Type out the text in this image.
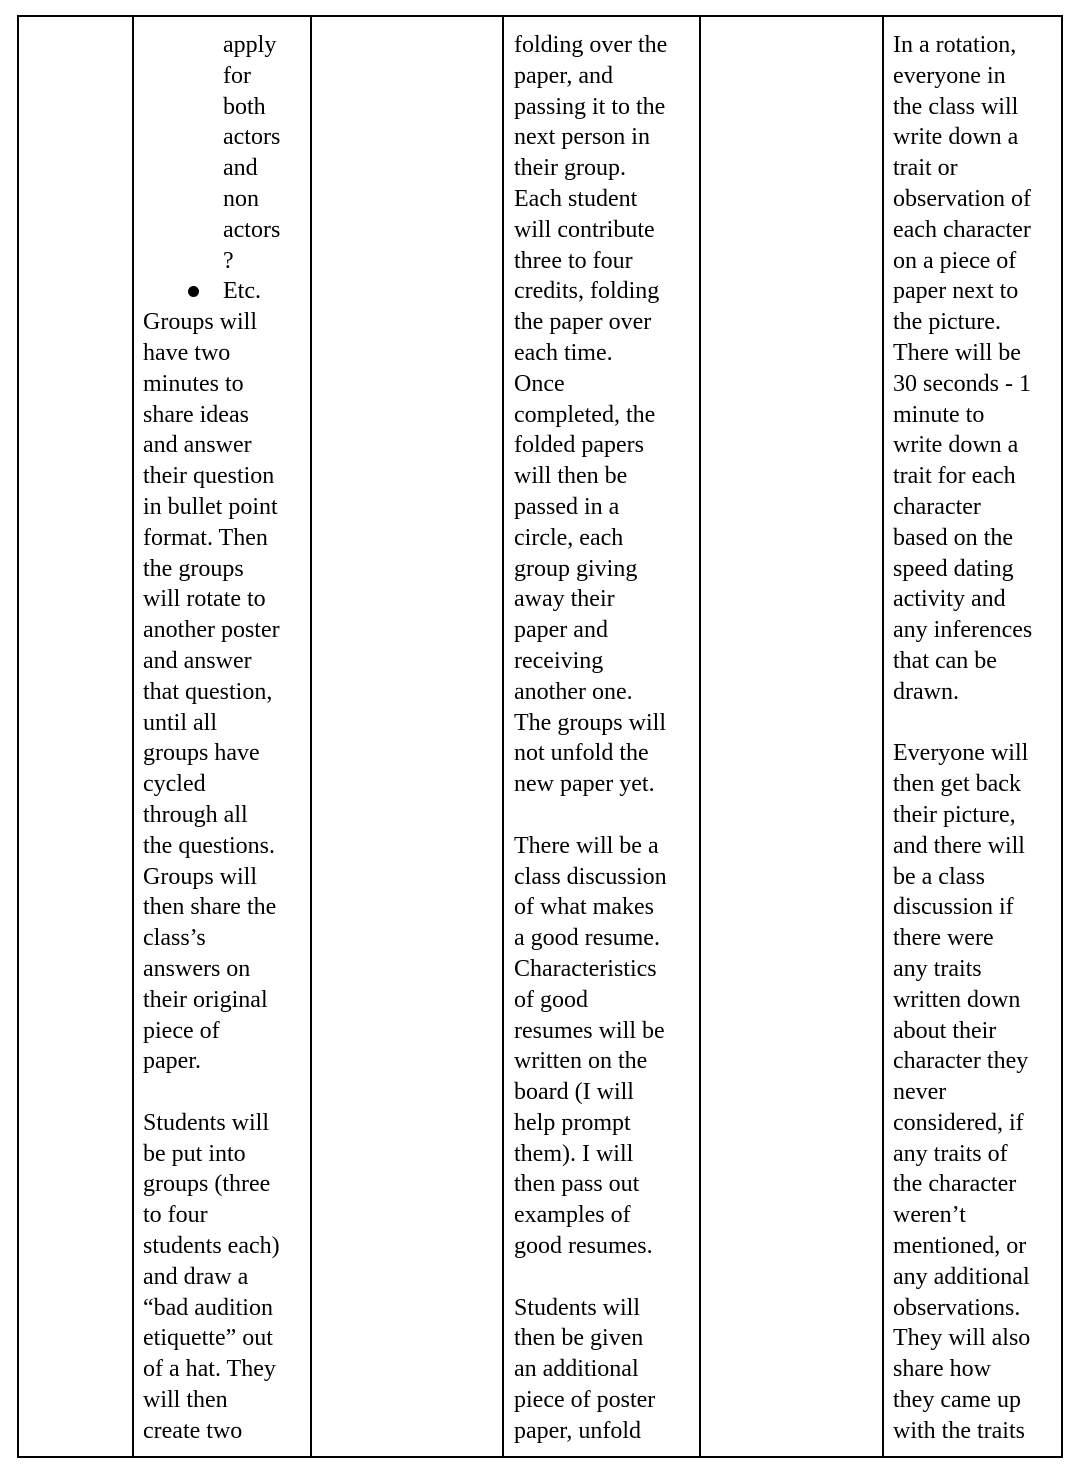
apply
for
both
actors
and
non
actors
?
Etc.
Groups will
have two
minutes to
share ideas
and answer
their question
in bullet point
format. Then
the groups
will rotate to
another poster
and answer
that question,
until all
groups have
cycled
through all
the questions.
Groups will
then share the
class’s
answers on
their original
piece of
paper.
Students will
be put into
groups (three
to four
students each)
and draw a
“bad audition
etiquette” out
of a hat. They
will then
create two
folding over the
paper, and
passing it to the
next person in
their group.
Each student
will contribute
three to four
credits, folding
the paper over
each time.
Once
completed, the
folded papers
will then be
passed in a
circle, each
group giving
away their
paper and
receiving
another one.
The groups will
not unfold the
new paper yet.
There will be a
class discussion
of what makes
a good resume.
Characteristics
of good
resumes will be
written on the
board (I will
help prompt
them). I will
then pass out
examples of
good resumes.
Students will
then be given
an additional
piece of poster
paper, unfold
In a rotation,
everyone in
the class will
write down a
trait or
observation of
each character
on a piece of
paper next to
the picture.
There will be
30 seconds - 1
minute to
write down a
trait for each
character
based on the
speed dating
activity and
any inferences
that can be
drawn.
Everyone will
then get back
their picture,
and there will
be a class
discussion if
there were
any traits
written down
about their
character they
never
considered, if
any traits of
the character
weren’t
mentioned, or
any additional
observations.
They will also
share how
they came up
with the traits
